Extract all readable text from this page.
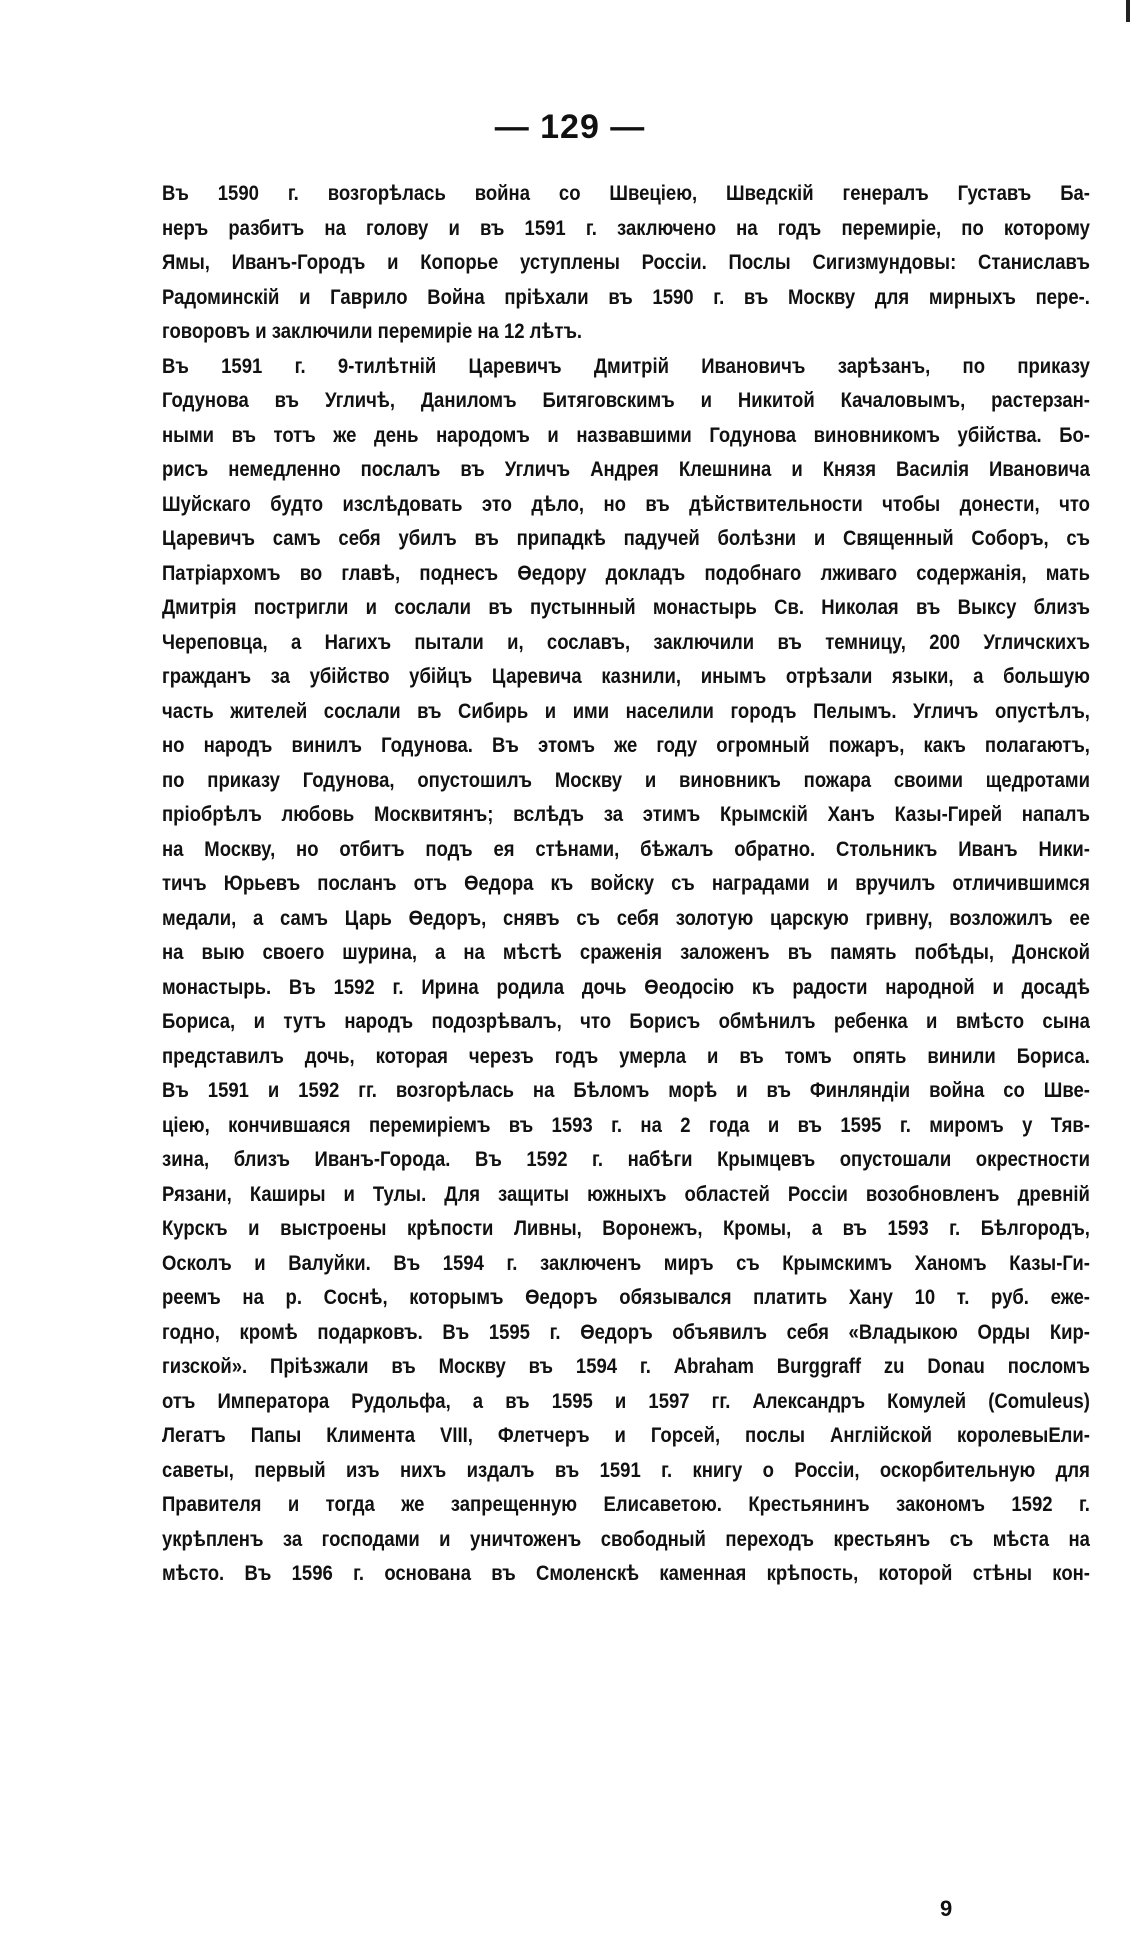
— 129 —
Въ 1590 г. возгорѣлась война со Швеціею, Шведскій генералъ Густавъ Ба-
неръ разбитъ на голову и въ 1591 г. заключено на годъ перемиріе, по которому
Ямы, Иванъ-Городъ и Копорье уступлены Россіи. Послы Сигизмундовы: Станиславъ
Радоминскій и Гаврило Война пріѣхали въ 1590 г. въ Москву для мирныхъ пере-.
говоровъ и заключили перемиріе на 12 лѣтъ.
Въ 1591 г. 9-тилѣтній Царевичъ Дмитрій Ивановичъ зарѣзанъ, по приказу
Годунова въ Угличѣ, Даниломъ Битяговскимъ и Никитой Качаловымъ, растерзан-
ными въ тотъ же день народомъ и назвавшими Годунова виновникомъ убійства. Бо-
рисъ немедленно послалъ въ Угличъ Андрея Клешнина и Князя Василія Ивановича
Шуйскаго будто изслѣдовать это дѣло, но въ дѣйствительности чтобы донести, что
Царевичъ самъ себя убилъ въ припадкѣ падучей болѣзни и Священный Соборъ, съ
Патріархомъ во главѣ, поднесъ Өедору докладъ подобнаго лживаго содержанія, мать
Дмитрія постригли и сослали въ пустынный монастырь Св. Николая въ Выксу близъ
Череповца, а Нагихъ пытали и, сославъ, заключили въ темницу, 200 Угличскихъ
гражданъ за убійство убійцъ Царевича казнили, инымъ отрѣзали языки, а большую
часть жителей сослали въ Сибирь и ими населили городъ Пелымъ. Угличъ опустѣлъ,
но народъ винилъ Годунова. Въ этомъ же году огромный пожаръ, какъ полагаютъ,
по приказу Годунова, опустошилъ Москву и виновникъ пожара своими щедротами
пріобрѣлъ любовь Москвитянъ; вслѣдъ за этимъ Крымскій Ханъ Казы-Гирей напалъ
на Москву, но отбитъ подъ ея стѣнами, бѣжалъ обратно. Стольникъ Иванъ Ники-
тичъ Юрьевъ посланъ отъ Өедора къ войску съ наградами и вручилъ отличившимся
медали, а самъ Царь Өедоръ, снявъ съ себя золотую царскую гривну, возложилъ ее
на выю своего шурина, а на мѣстѣ сраженія заложенъ въ память побѣды, Донской
монастырь. Въ 1592 г. Ирина родила дочь Өеодосію къ радости народной и досадѣ
Бориса, и тутъ народъ подозрѣвалъ, что Борисъ обмѣнилъ ребенка и вмѣсто сына
представилъ дочь, которая черезъ годъ умерла и въ томъ опять винили Бориса.
Въ 1591 и 1592 гг. возгорѣлась на Бѣломъ морѣ и въ Финляндіи война со Шве-
ціею, кончившаяся перемиріемъ въ 1593 г. на 2 года и въ 1595 г. миромъ у Тяв-
зина, близъ Иванъ-Города. Въ 1592 г. набѣги Крымцевъ опустошали окрестности
Рязани, Каширы и Тулы. Для защиты южныхъ областей Россіи возобновленъ древній
Курскъ и выстроены крѣпости Ливны, Воронежъ, Кромы, а въ 1593 г. Бѣлгородъ,
Осколъ и Валуйки. Въ 1594 г. заключенъ миръ съ Крымскимъ Ханомъ Казы-Ги-
реемъ на р. Соснѣ, которымъ Өедоръ обязывался платить Хану 10 т. руб. еже-
годно, кромѣ подарковъ. Въ 1595 г. Өедоръ объявилъ себя «Владыкою Орды Кир-
гизской». Пріѣзжали въ Москву въ 1594 г. Abraham Burggraff zu Donau посломъ
отъ Императора Рудольфа, а въ 1595 и 1597 гг. Александръ Комулей (Comuleus)
Легатъ Папы Климента VIII, Флетчеръ и Горсей, послы Англійской королевыЕли-
саветы, первый изъ нихъ издалъ въ 1591 г. книгу о Россіи, оскорбительную для
Правителя и тогда же запрещенную Елисаветою. Крестьянинъ закономъ 1592 г.
укрѣпленъ за господами и уничтоженъ свободный переходъ крестьянъ съ мѣста на
мѣсто. Въ 1596 г. основана въ Смоленскѣ каменная крѣпость, которой стѣны кон-
9
